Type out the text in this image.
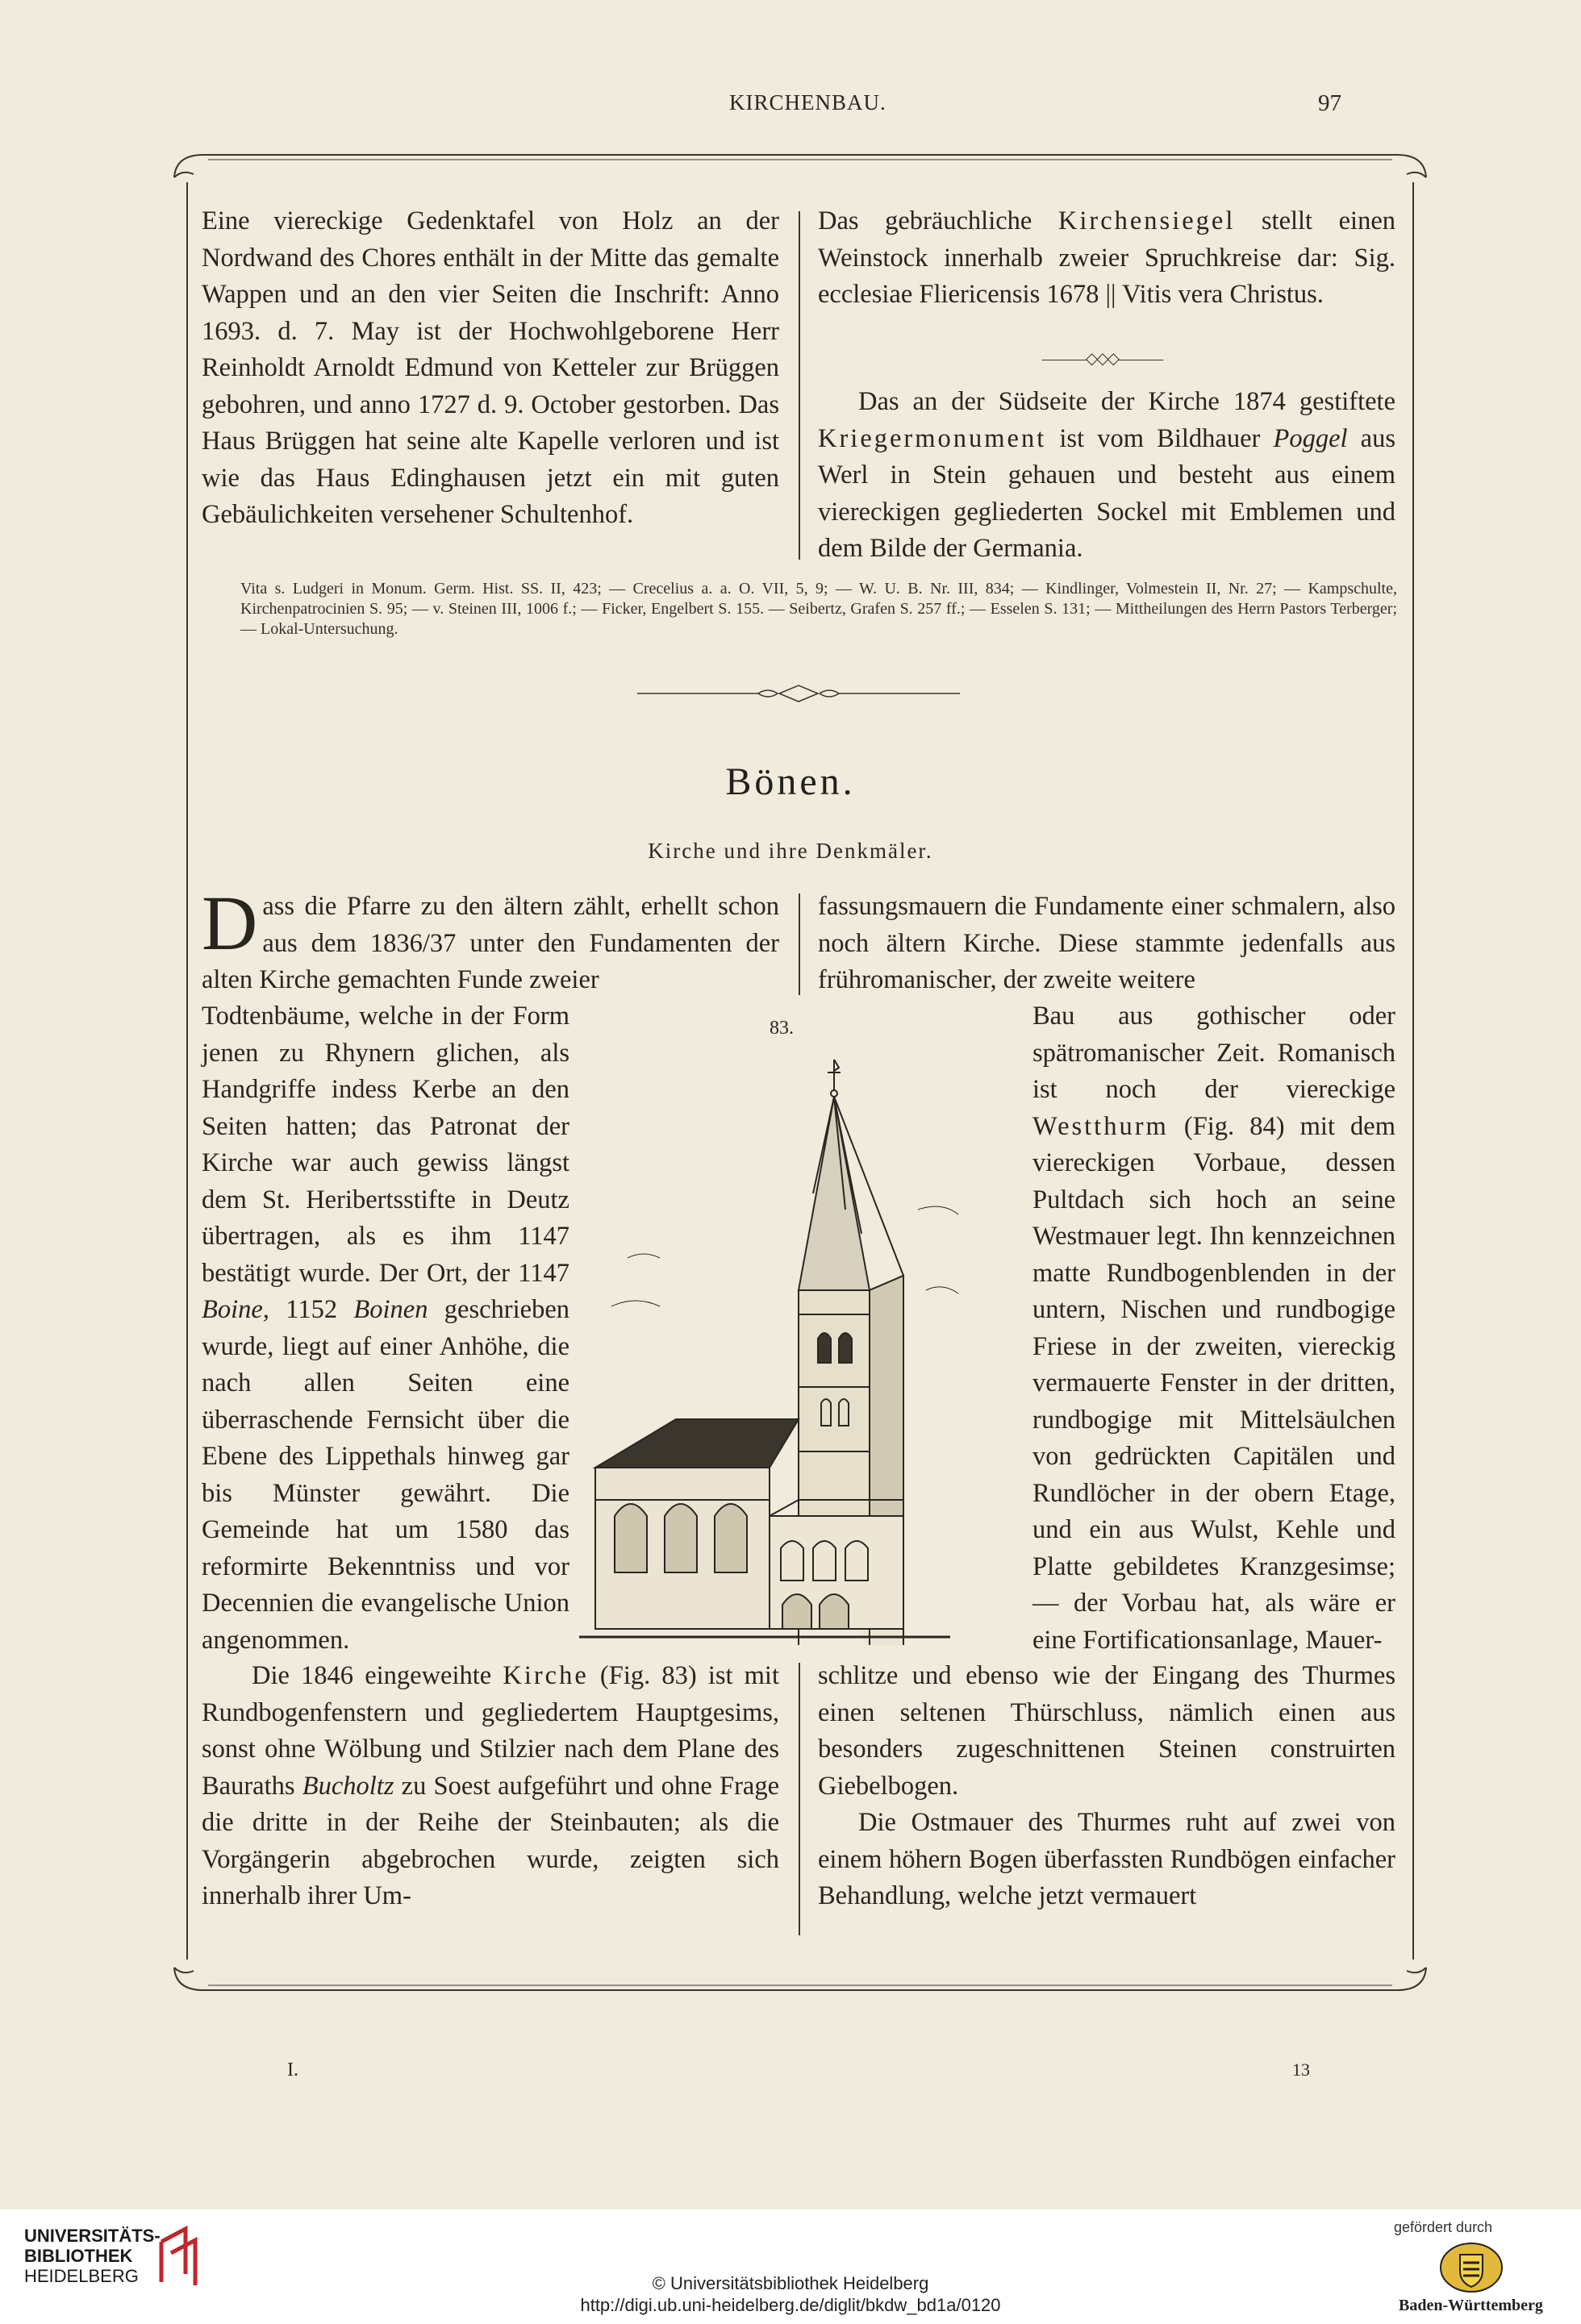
KIRCHENBAU.	97

Eine viereckige Gedenktafel von Holz an der Nordwand des Chores enthält in der Mitte das gemalte Wappen und an den vier Seiten die Inschrift: Anno 1693. d. 7. May ist der Hochwohlgeborene Herr Reinholdt Arnoldt Edmund von Ketteler zur Brüggen gebohren, und anno 1727 d. 9. October gestorben. Das Haus Brüggen hat seine alte Kapelle verloren und ist wie das Haus Edinghausen jetzt ein mit guten Gebäulichkeiten versehener Schultenhof.

Das gebräuchliche Kirchensiegel stellt einen Weinstock innerhalb zweier Spruchkreise dar: Sig. ecclesiae Fliericensis 1678 || Vitis vera Christus.

———◇◇◇———

Das an der Südseite der Kirche 1874 gestiftete Kriegermonument ist vom Bildhauer Poggel aus Werl in Stein gehauen und besteht aus einem viereckigen gegliederten Sockel mit Emblemen und dem Bilde der Germania.

Vita s. Ludgeri in Monum. Germ. Hist. SS. II, 423; — Crecelius a. a. O. VII, 5, 9; — W. U. B. Nr. III, 834; — Kindlinger, Volmestein II, Nr. 27; — Kampschulte, Kirchenpatrocinien S. 95; — v. Steinen III, 1006 f.; — Ficker, Engelbert S. 155. — Seibertz, Grafen S. 257 ff.; — Esselen S. 131; — Mittheilungen des Herrn Pastors Terberger; — Lokal-Untersuchung.
Bönen.
Kirche und ihre Denkmäler.

Dass die Pfarre zu den ältern zählt, erhellt schon aus dem 1836/37 unter den Fundamenten der alten Kirche gemachten Funde zweier

fassungsmauern die Fundamente einer schmalern, also noch ältern Kirche. Diese stammte jedenfalls aus frühromanischer, der zweite weitere

83.

Todtenbäume, welche in der Form jenen zu Rhynern glichen, als Handgriffe indess Kerbe an den Seiten hatten; das Patronat der Kirche war auch gewiss längst dem St. Heribertsstifte in Deutz übertragen, als es ihm 1147 bestätigt wurde. Der Ort, der 1147 Boine, 1152 Boinen geschrieben wurde, liegt auf einer Anhöhe, die nach allen Seiten eine überraschende Fernsicht über die Ebene des Lippethals hinweg gar bis Münster gewährt. Die Gemeinde hat um 1580 das reformirte Bekenntniss und vor Decennien die evangelische Union angenommen.

Bau aus gothischer oder spätromanischer Zeit. Romanisch ist noch der viereckige Westthurm (Fig. 84) mit dem viereckigen Vorbaue, dessen Pultdach sich hoch an seine Westmauer legt. Ihn kennzeichnen matte Rundbogenblenden in der untern, Nischen und rundbogige Friese in der zweiten, viereckig vermauerte Fenster in der dritten, rundbogige mit Mittelsäulchen von gedrückten Capitälen und Rundlöcher in der obern Etage, und ein aus Wulst, Kehle und Platte gebildetes Kranzgesimse; — der Vorbau hat, als wäre er eine Fortificationsanlage, Mauer-

Die 1846 eingeweihte Kirche (Fig. 83) ist mit Rundbogenfenstern und gegliedertem Hauptgesims, sonst ohne Wölbung und Stilzier nach dem Plane des Bauraths Bucholtz zu Soest aufgeführt und ohne Frage die dritte in der Reihe der Steinbauten; als die Vorgängerin abgebrochen wurde, zeigten sich innerhalb ihrer Um-

schlitze und ebenso wie der Eingang des Thurmes einen seltenen Thürschluss, nämlich einen aus besonders zugeschnittenen Steinen construirten Giebelbogen.

Die Ostmauer des Thurmes ruht auf zwei von einem höhern Bogen überfassten Rundbögen einfacher Behandlung, welche jetzt vermauert

I.	13
UNIVERSITÄTS-
BIBLIOTHEK
HEIDELBERG	© Universitätsbibliothek Heidelberg
http://digi.ub.uni-heidelberg.de/diglit/bkdw_bd1a/0120
gefördert durch
Baden-Württemberg
